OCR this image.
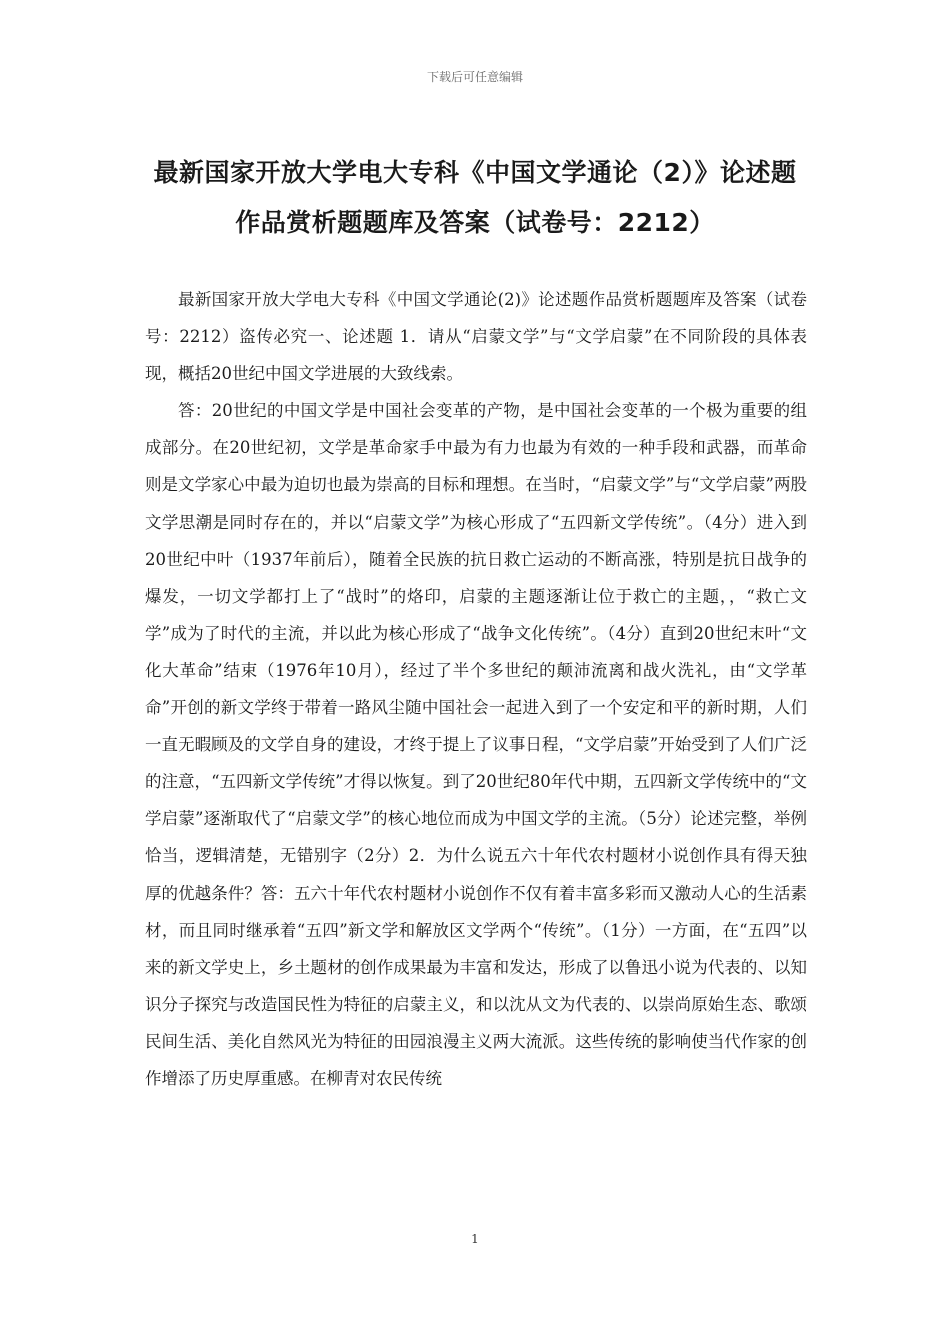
下载后可任意编辑
最新国家开放大学电大专科《中国文学通论（2）》论述题
作品赏析题题库及答案（试卷号：2212）

最新国家开放大学电大专科《中国文学通论(2)》论述题作品赏析题题库及答案（试卷号：2212）盗传必究一、论述题 1．请从“启蒙文学”与“文学启蒙”在不同阶段的具体表现，概括20世纪中国文学进展的大致线索。

答：20世纪的中国文学是中国社会变革的产物，是中国社会变革的一个极为重要的组成部分。在20世纪初，文学是革命家手中最为有力也最为有效的一种手段和武器，而革命则是文学家心中最为迫切也最为崇高的目标和理想。在当时，“启蒙文学”与“文学启蒙”两股文学思潮是同时存在的，并以“启蒙文学”为核心形成了“五四新文学传统”。（4分）进入到20世纪中叶（1937年前后），随着全民族的抗日救亡运动的不断高涨，特别是抗日战争的爆发，一切文学都打上了“战时”的烙印，启蒙的主题逐渐让位于救亡的主题，，“救亡文学”成为了时代的主流，并以此为核心形成了“战争文化传统”。（4分）直到20世纪末叶“文化大革命”结束（1976年10月），经过了半个多世纪的颠沛流离和战火洗礼，由“文学革命”开创的新文学终于带着一路风尘随中国社会一起进入到了一个安定和平的新时期，人们一直无暇顾及的文学自身的建设，才终于提上了议事日程，“文学启蒙”开始受到了人们广泛的注意，“五四新文学传统”才得以恢复。到了20世纪80年代中期，五四新文学传统中的“文学启蒙”逐渐取代了“启蒙文学”的核心地位而成为中国文学的主流。（5分）论述完整，举例恰当，逻辑清楚，无错别字（2分）2．为什么说五六十年代农村题材小说创作具有得天独厚的优越条件？答：五六十年代农村题材小说创作不仅有着丰富多彩而又激动人心的生活素材，而且同时继承着“五四”新文学和解放区文学两个“传统”。（1分）一方面，在“五四”以来的新文学史上，乡土题材的创作成果最为丰富和发达，形成了以鲁迅小说为代表的、以知识分子探究与改造国民性为特征的启蒙主义，和以沈从文为代表的、以崇尚原始生态、歌颂民间生活、美化自然风光为特征的田园浪漫主义两大流派。这些传统的影响使当代作家的创作增添了历史厚重感。在柳青对农民传统

1
